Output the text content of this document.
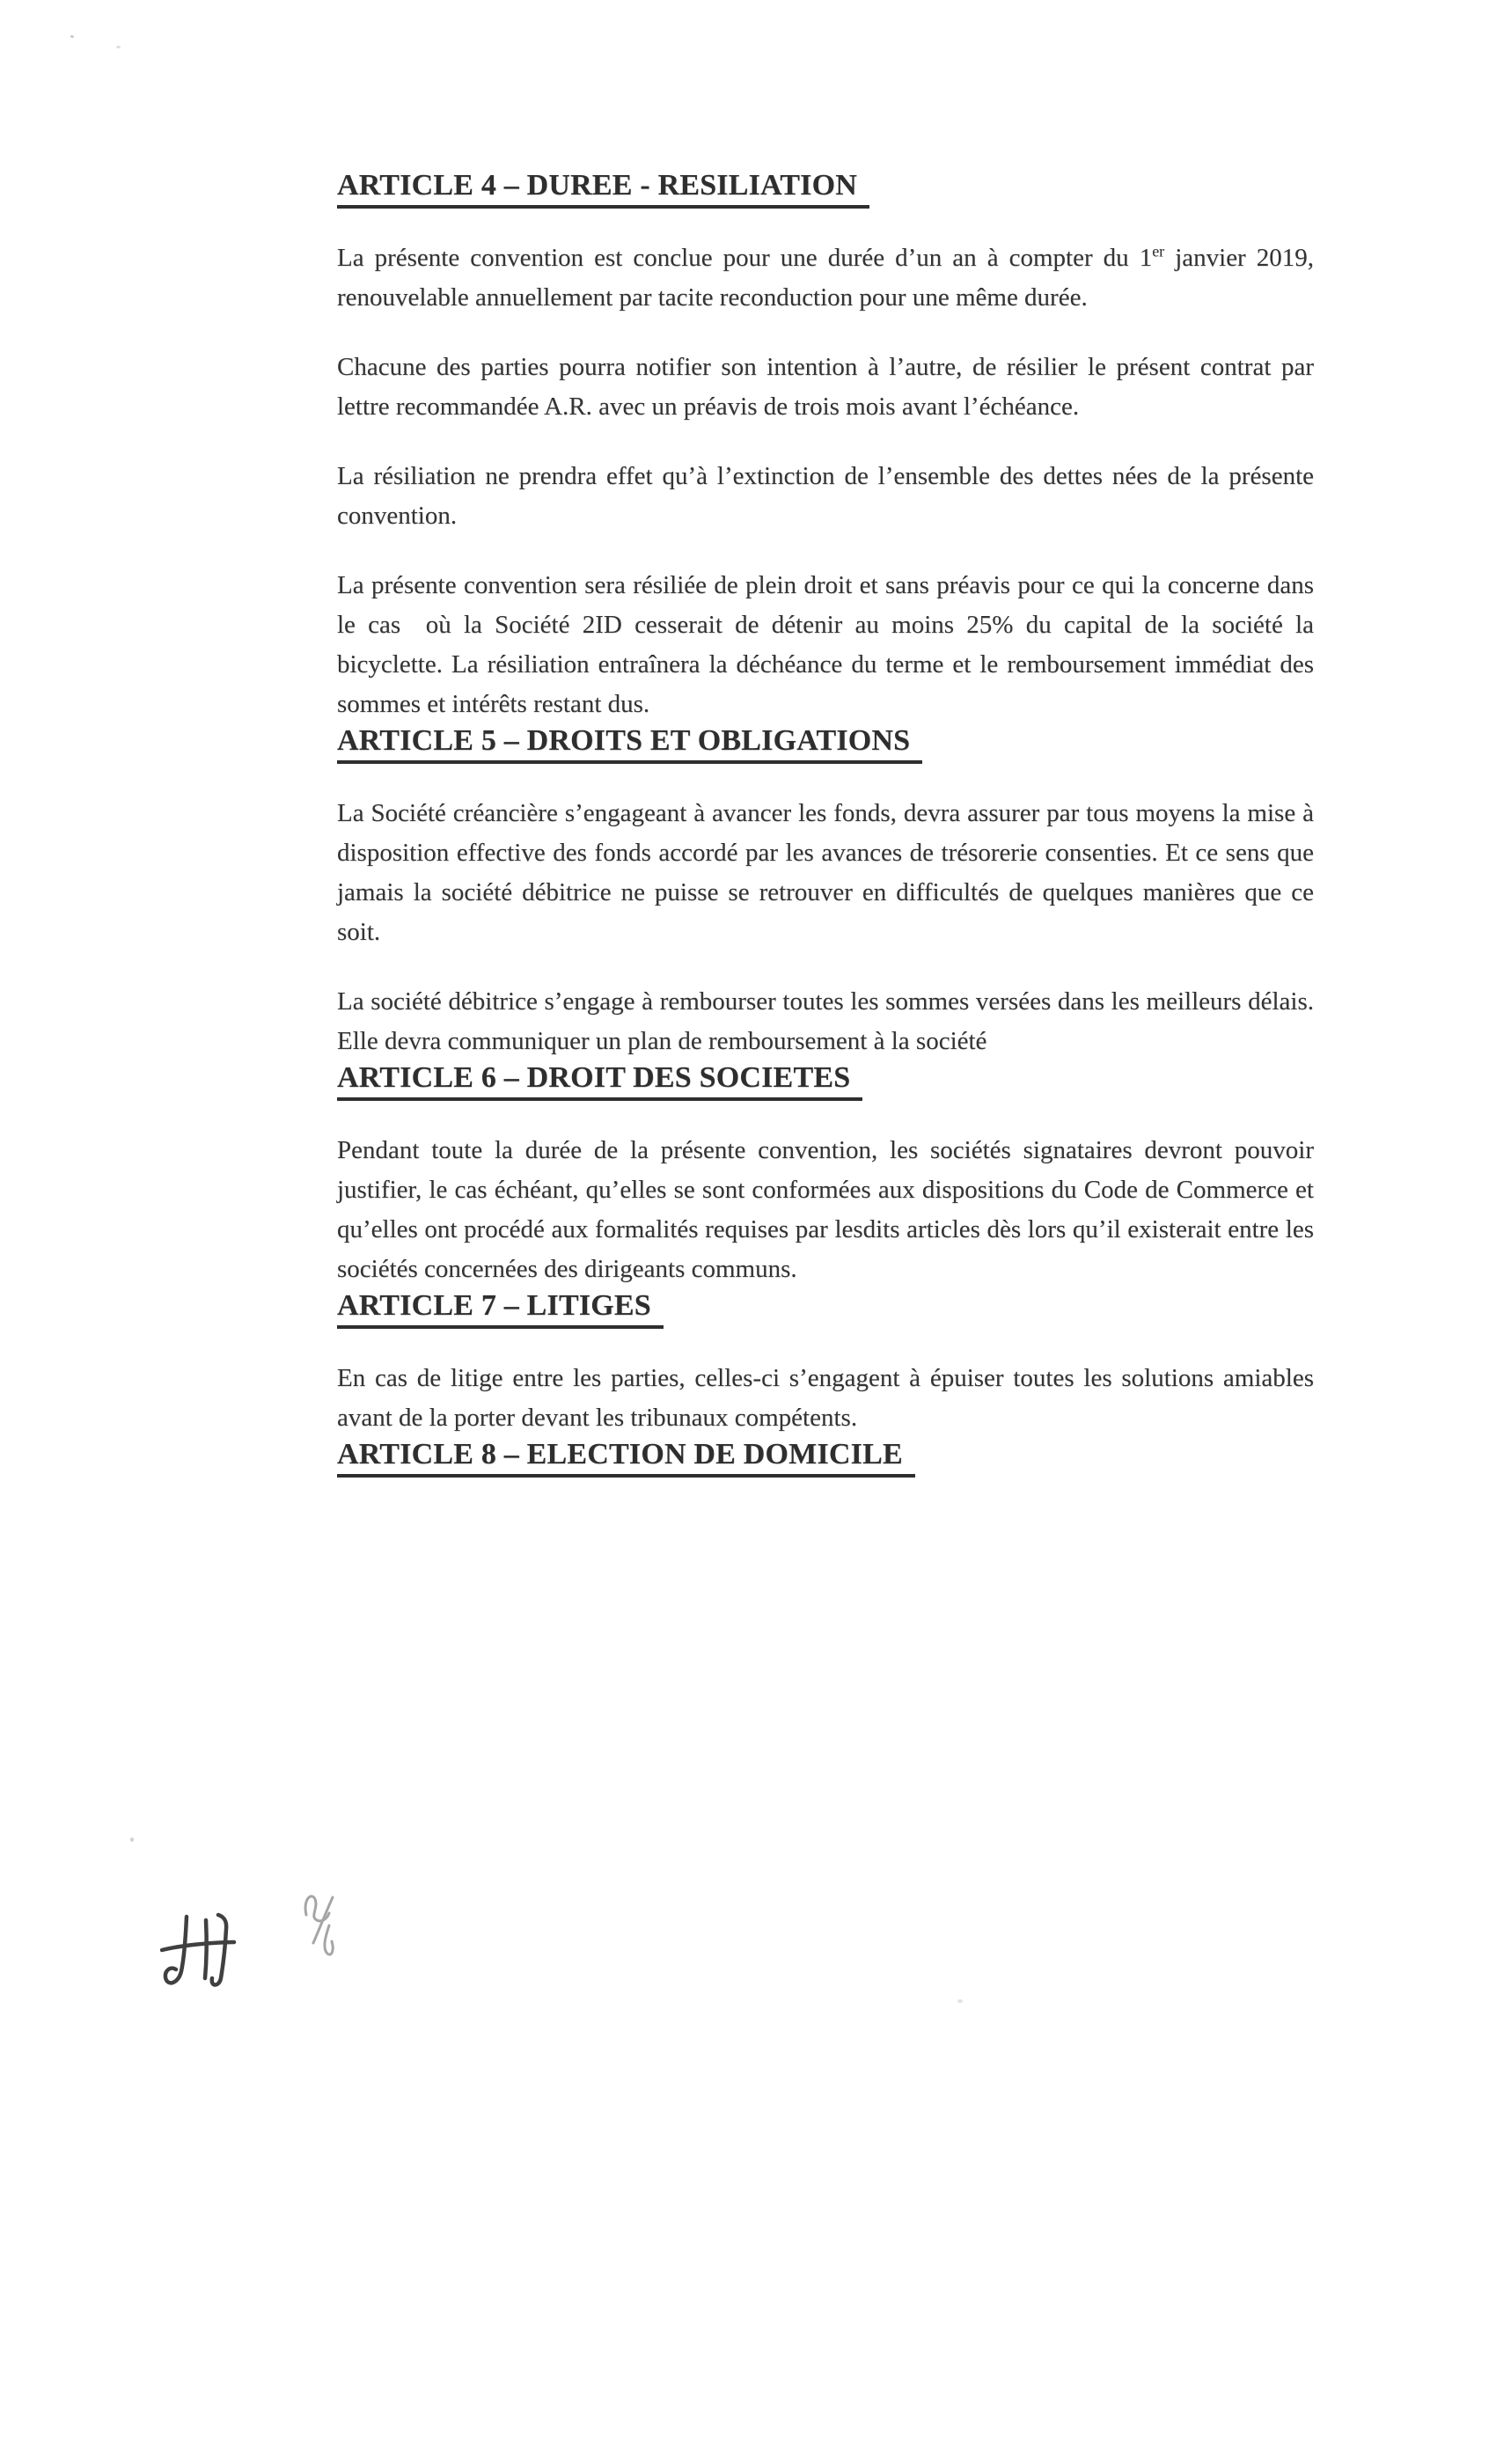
ARTICLE 4 – DUREE - RESILIATION

La présente convention est conclue pour une durée d’un an à compter du 1er janvier 2019, renouvelable annuellement par tacite reconduction pour une même durée.

Chacune des parties pourra notifier son intention à l’autre, de résilier le présent contrat par lettre recommandée A.R. avec un préavis de trois mois avant l’échéance.

La résiliation ne prendra effet qu’à l’extinction de l’ensemble des dettes nées de la présente convention.

La présente convention sera résiliée de plein droit et sans préavis pour ce qui la concerne dans le cas  où la Société 2ID cesserait de détenir au moins 25% du capital de la société la bicyclette. La résiliation entraînera la déchéance du terme et le remboursement immédiat des sommes et intérêts restant dus.

ARTICLE 5 – DROITS ET OBLIGATIONS

La Société créancière s’engageant à avancer les fonds, devra assurer par tous moyens la mise à disposition effective des fonds accordé par les avances de trésorerie consenties. Et ce sens que jamais la société débitrice ne puisse se retrouver en difficultés de quelques manières que ce soit.

La société débitrice s’engage à rembourser toutes les sommes versées dans les meilleurs délais. Elle devra communiquer un plan de remboursement à la société

ARTICLE 6 – DROIT DES SOCIETES

Pendant toute la durée de la présente convention, les sociétés signataires devront pouvoir justifier, le cas échéant, qu’elles se sont conformées aux dispositions du Code de Commerce et qu’elles ont procédé aux formalités requises par lesdits articles dès lors qu’il existerait entre les sociétés concernées des dirigeants communs.

ARTICLE 7 – LITIGES

En cas de litige entre les parties, celles-ci s’engagent à épuiser toutes les solutions amiables avant de la porter devant les tribunaux compétents.

ARTICLE 8 – ELECTION DE DOMICILE
